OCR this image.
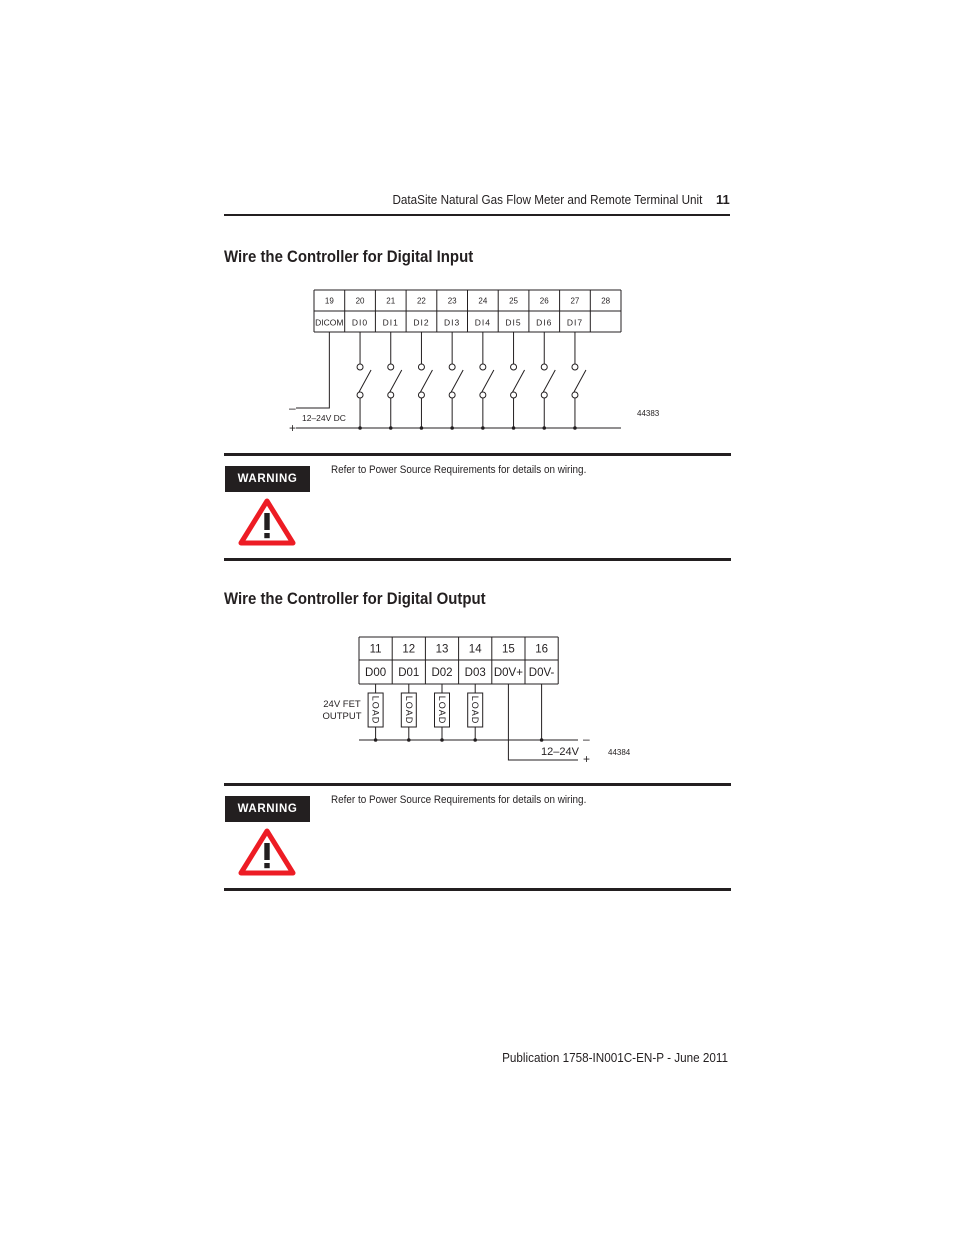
DataSite Natural Gas Flow Meter and Remote Terminal Unit 11
Wire the Controller for Digital Input
19	20	21	22	23	24	25	26	27	28
DICOM DI0 DI1 DI2 DI3 DI4 DI5 DI6 DI7
–
+
12–24V DC	44383
WARNING
Refer to Power Source Requirements for details on wiring.
Wire the Controller for Digital Output
11 12 13 14 15 16
D00 D01 D02 D03 D0V+ D0V-
LOAD	LOAD	LOAD	LOAD
24V FET
OUTPUT
12–24V
–
+ 44384
WARNING
Refer to Power Source Requirements for details on wiring.
Publication 1758-IN001C-EN-P - June 2011
